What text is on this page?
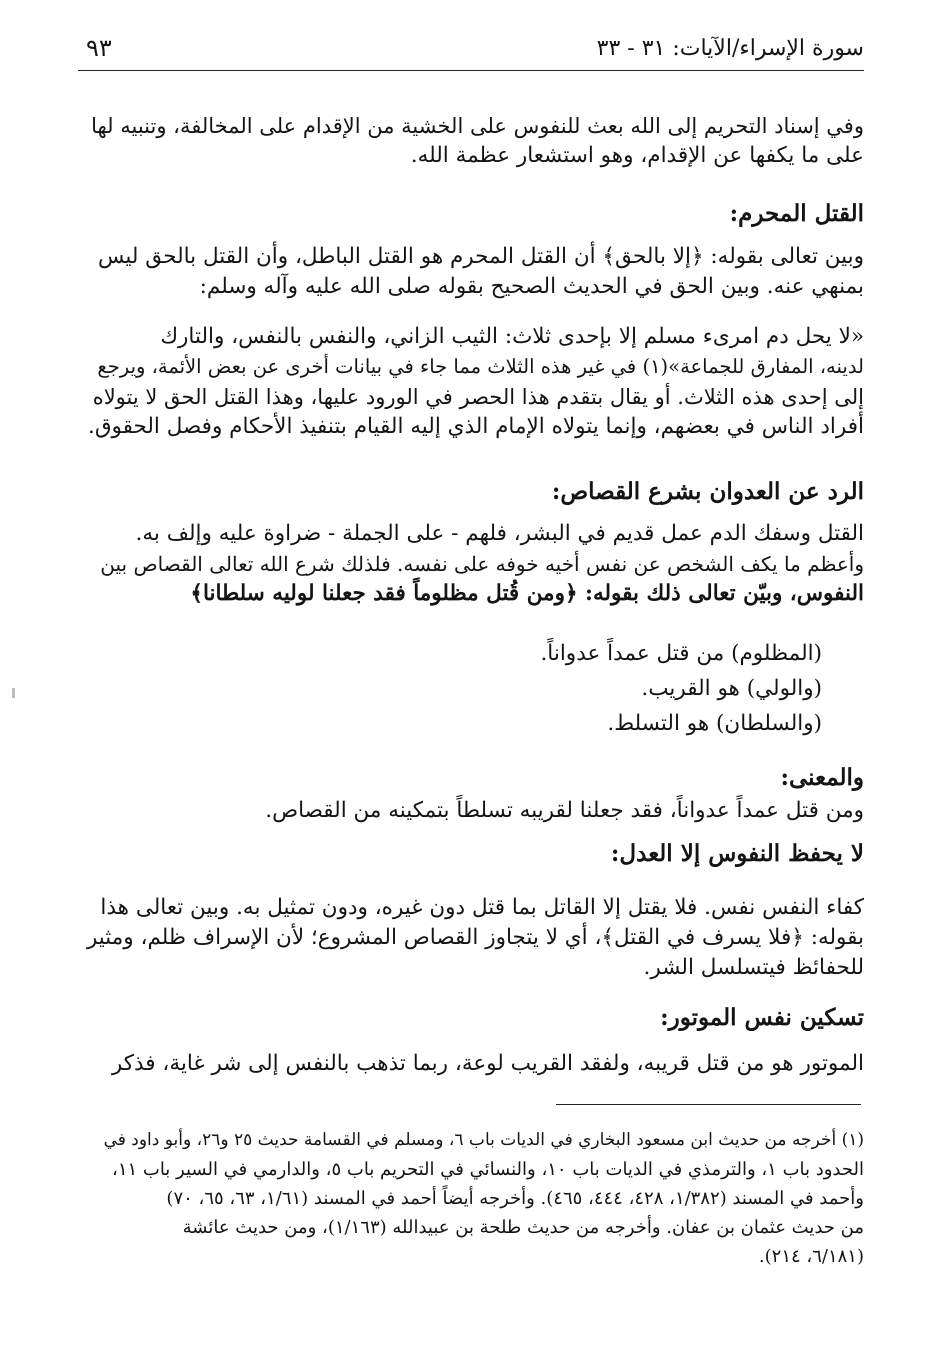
سورة الإسراء/الآيات: ٣١ - ٣٣
٩٣

وفي إسناد التحريم إلى الله بعث للنفوس على الخشية من الإقدام على المخالفة، وتنبيه لها
على ما يكفها عن الإقدام، وهو استشعار عظمة الله.

القتل المحرم:

وبين تعالى بقوله: ﴿إلا بالحق﴾ أن القتل المحرم هو القتل الباطل، وأن القتل بالحق ليس
بمنهي عنه. وبين الحق في الحديث الصحيح بقوله صلى الله عليه وآله وسلم:

«لا يحل دم امرىء مسلم إلا بإحدى ثلاث: الثيب الزاني، والنفس بالنفس، والتارك
لدينه، المفارق للجماعة»(١) في غير هذه الثلاث مما جاء في بيانات أخرى عن بعض الأئمة، ويرجع
إلى إحدى هذه الثلاث. أو يقال بتقدم هذا الحصر في الورود عليها، وهذا القتل الحق لا يتولاه
أفراد الناس في بعضهم، وإنما يتولاه الإمام الذي إليه القيام بتنفيذ الأحكام وفصل الحقوق.

الرد عن العدوان بشرع القصاص:

القتل وسفك الدم عمل قديم في البشر، فلهم - على الجملة - ضراوة عليه وإلف به.
وأعظم ما يكف الشخص عن نفس أخيه خوفه على نفسه. فلذلك شرع الله تعالى القصاص بين
النفوس، وبيّن تعالى ذلك بقوله: ﴿ومن قُتل مظلوماً فقد جعلنا لوليه سلطانا﴾

(المظلوم) من قتل عمداً عدواناً.
(والولي) هو القريب.
(والسلطان) هو التسلط.
والمعنى:

ومن قتل عمداً عدواناً، فقد جعلنا لقريبه تسلطاً بتمكينه من القصاص.

لا يحفظ النفوس إلا العدل:

كفاء النفس نفس. فلا يقتل إلا القاتل بما قتل دون غيره، ودون تمثيل به. وبين تعالى هذا
بقوله: ﴿فلا يسرف في القتل﴾، أي لا يتجاوز القصاص المشروع؛ لأن الإسراف ظلم، ومثير
للحفائظ فيتسلسل الشر.

تسكين نفس الموتور:

الموتور هو من قتل قريبه، ولفقد القريب لوعة، ربما تذهب بالنفس إلى شر غاية، فذكر

(١) أخرجه من حديث ابن مسعود البخاري في الديات باب ٦، ومسلم في القسامة حديث ٢٥ و٢٦، وأبو داود في
الحدود باب ١، والترمذي في الديات باب ١٠، والنسائي في التحريم باب ٥، والدارمي في السير باب ١١،
وأحمد في المسند (١/٣٨٢، ٤٢٨، ٤٤٤، ٤٦٥). وأخرجه أيضاً أحمد في المسند (١/٦١، ٦٣، ٦٥، ٧٠)
من حديث عثمان بن عفان. وأخرجه من حديث طلحة بن عبيدالله (١/١٦٣)، ومن حديث عائشة
(٦/١٨١، ٢١٤).
